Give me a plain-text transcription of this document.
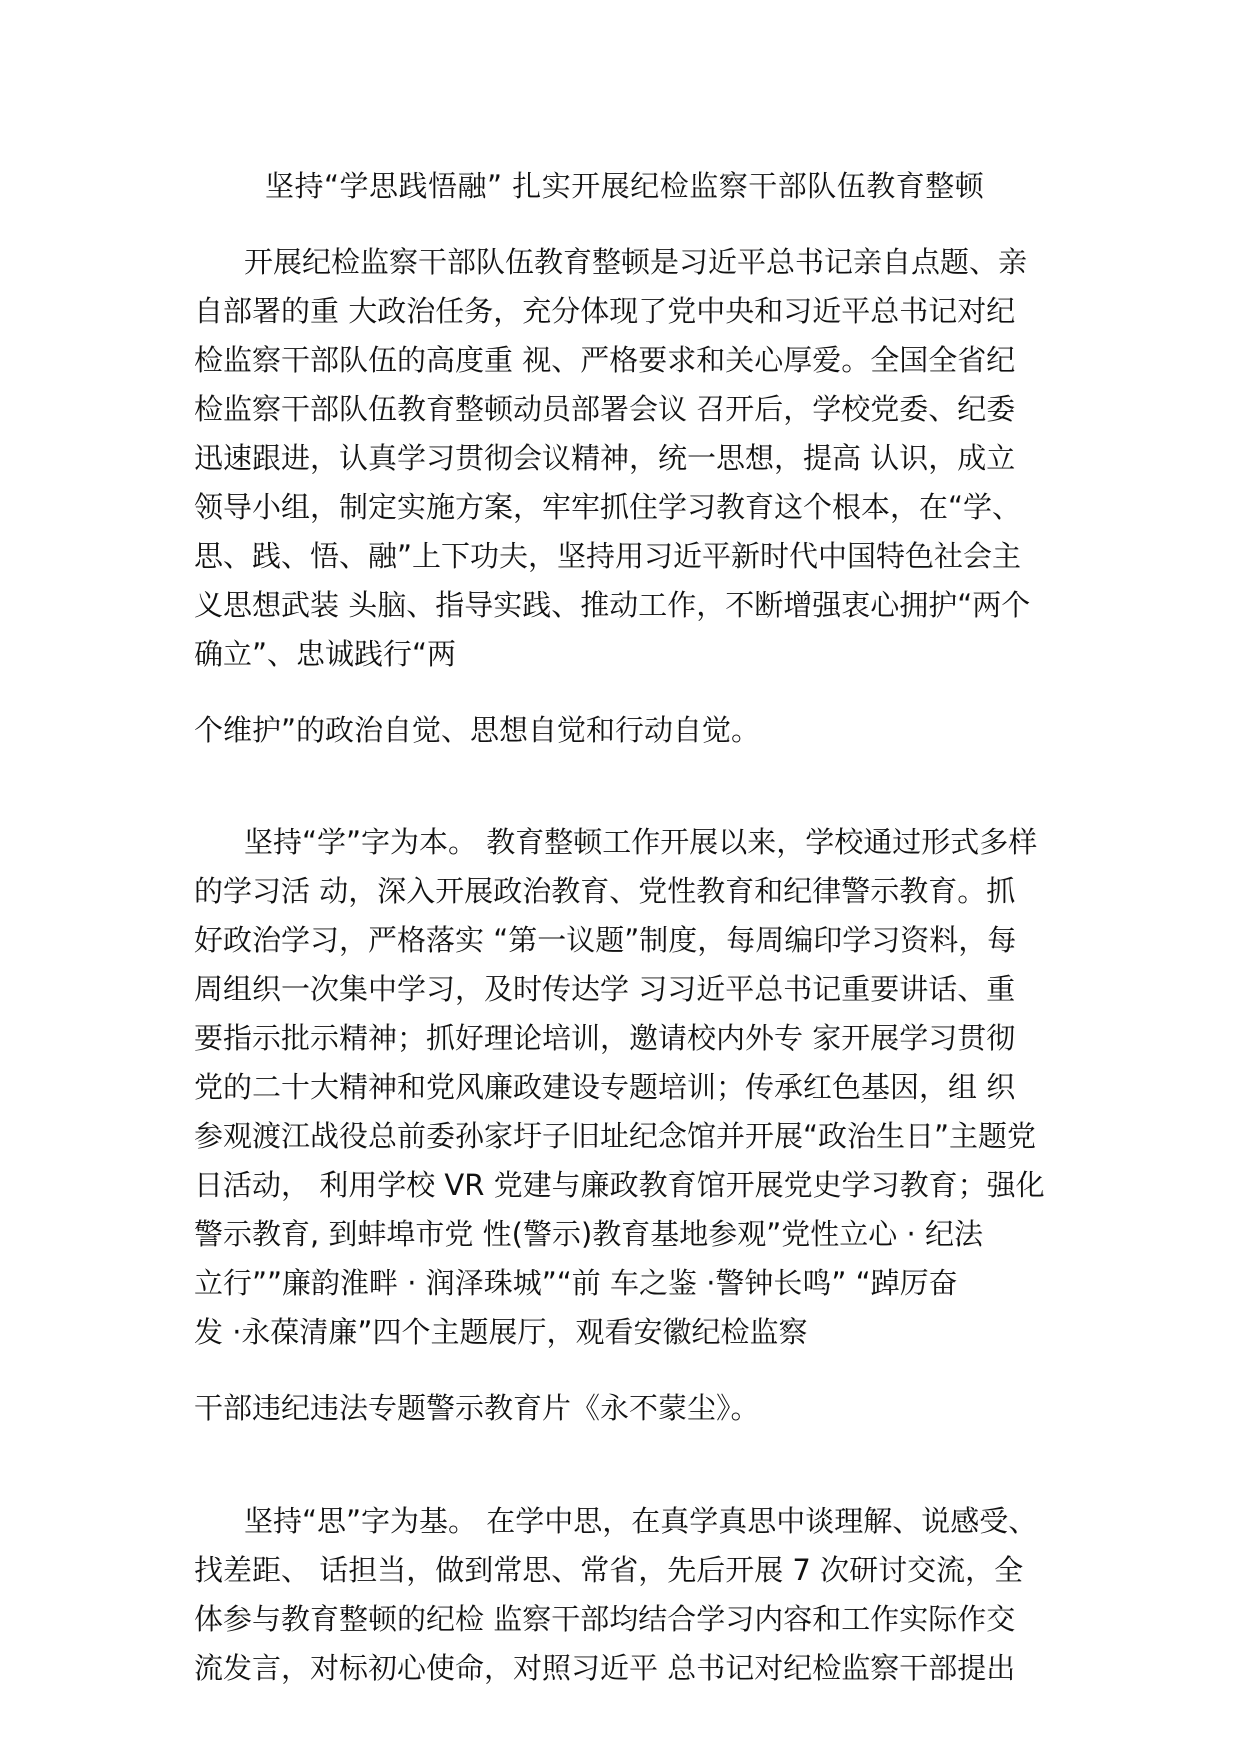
坚持“学思践悟融” 扎实开展纪检监察干部队伍教育整顿
开展纪检监察干部队伍教育整顿是习近平总书记亲自点题、亲
自部署的重 大政治任务，充分体现了党中央和习近平总书记对纪
检监察干部队伍的高度重 视、严格要求和关心厚爱。全国全省纪
检监察干部队伍教育整顿动员部署会议 召开后，学校党委、纪委
迅速跟进，认真学习贯彻会议精神，统一思想，提高 认识，成立
领导小组，制定实施方案，牢牢抓住学习教育这个根本，在“学、
思、践、悟、融”上下功夫，坚持用习近平新时代中国特色社会主
义思想武装 头脑、指导实践、推动工作，不断增强衷心拥护“两个
确立”、忠诚践行“两
个维护”的政治自觉、思想自觉和行动自觉。
坚持“学”字为本。 教育整顿工作开展以来，学校通过形式多样
的学习活 动，深入开展政治教育、党性教育和纪律警示教育。抓
好政治学习，严格落实 “第一议题”制度，每周编印学习资料，每
周组织一次集中学习，及时传达学 习习近平总书记重要讲话、重
要指示批示精神；抓好理论培训，邀请校内外专 家开展学习贯彻
党的二十大精神和党风廉政建设专题培训；传承红色基因，组 织
参观渡江战役总前委孙家圩子旧址纪念馆并开展“政治生日”主题党
日活动， 利用学校 VR 党建与廉政教育馆开展党史学习教育；强化
警示教育, 到蚌埠市党 性(警示)教育基地参观”党性立心 · 纪法
立行””廉韵淮畔 · 润泽珠城”“前 车之鉴 ·警钟长鸣” “踔厉奋
发 ·永葆清廉”四个主题展厅，观看安徽纪检监察
干部违纪违法专题警示教育片《永不蒙尘》。
坚持“思”字为基。 在学中思，在真学真思中谈理解、说感受、
找差距、 话担当，做到常思、常省，先后开展 7 次研讨交流，全
体参与教育整顿的纪检 监察干部均结合学习内容和工作实际作交
流发言，对标初心使命，对照习近平 总书记对纪检监察干部提出
